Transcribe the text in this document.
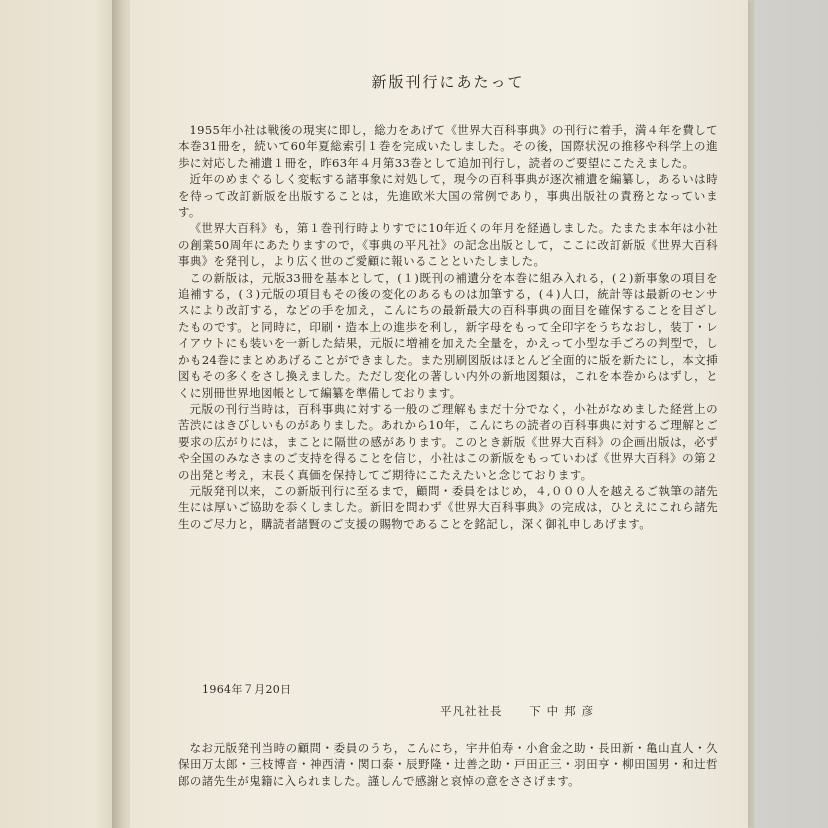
新版刊行にあたって

1955年小社は戦後の現実に即し，総力をあげて《世界大百科事典》の刊行に着手，満４年を費して本巻31冊を，続いて60年夏総索引１巻を完成いたしました。その後，国際状況の推移や科学上の進歩に対応した補遺１冊を，昨63年４月第33巻として追加刊行し，読者のご要望にこたえました。

近年のめまぐるしく変転する諸事象に対処して，現今の百科事典が逐次補遺を編纂し，あるいは時を待って改訂新版を出版することは，先進欧米大国の常例であり，事典出版社の責務となっています。

《世界大百科》も，第１巻刊行時よりすでに10年近くの年月を経過しました。たまたま本年は小社の創業50周年にあたりますので，《事典の平凡社》の記念出版として，ここに改訂新版《世界大百科事典》を発刊し，より広く世のご愛顧に報いることといたしました。

この新版は，元版33冊を基本として，(１)既刊の補遺分を本巻に組み入れる，(２)新事象の項目を追補する，(３)元版の項目もその後の変化のあるものは加筆する，(４)人口，統計等は最新のセンサスにより改訂する，などの手を加え，こんにちの最新最大の百科事典の面目を確保することを目ざしたものです。と同時に，印刷・造本上の進歩を利し，新字母をもって全印字をうちなおし，装丁・レイアウトにも装いを一新した結果，元版に増補を加えた全量を，かえって小型な手ごろの判型で，しかも24巻にまとめあげることができました。また別刷図版はほとんど全面的に版を新たにし，本文挿図もその多くをさし換えました。ただし変化の著しい内外の新地図類は，これを本巻からはずし，とくに別冊世界地図帳として編纂を準備しております。

元版の刊行当時は，百科事典に対する一般のご理解もまだ十分でなく，小社がなめました経営上の苦渋にはきびしいものがありました。あれから10年，こんにちの読者の百科事典に対するご理解とご要求の広がりには，まことに隔世の感があります。このとき新版《世界大百科》の企画出版は，必ずや全国のみなさまのご支持を得ることを信じ，小社はこの新版をもっていわば《世界大百科》の第２の出発と考え，末長く真価を保持してご期待にこたえたいと念じております。

元版発刊以来，この新版刊行に至るまで，顧問・委員をはじめ，４,０００人を越えるご執筆の諸先生には厚いご協助を忝くしました。新旧を問わず《世界大百科事典》の完成は，ひとえにこれら諸先生のご尽力と，購読者諸賢のご支援の賜物であることを銘記し，深く御礼申しあげます。

1964年７月20日
平凡社社長 下中邦彦

なお元版発刊当時の顧問・委員のうち，こんにち，宇井伯寿・小倉金之助・長田新・亀山直人・久保田万太郎・三枝博音・神西清・関口泰・辰野隆・辻善之助・戸田正三・羽田亨・柳田国男・和辻哲郎の諸先生が鬼籍に入られました。謹しんで感謝と哀悼の意をささげます。
